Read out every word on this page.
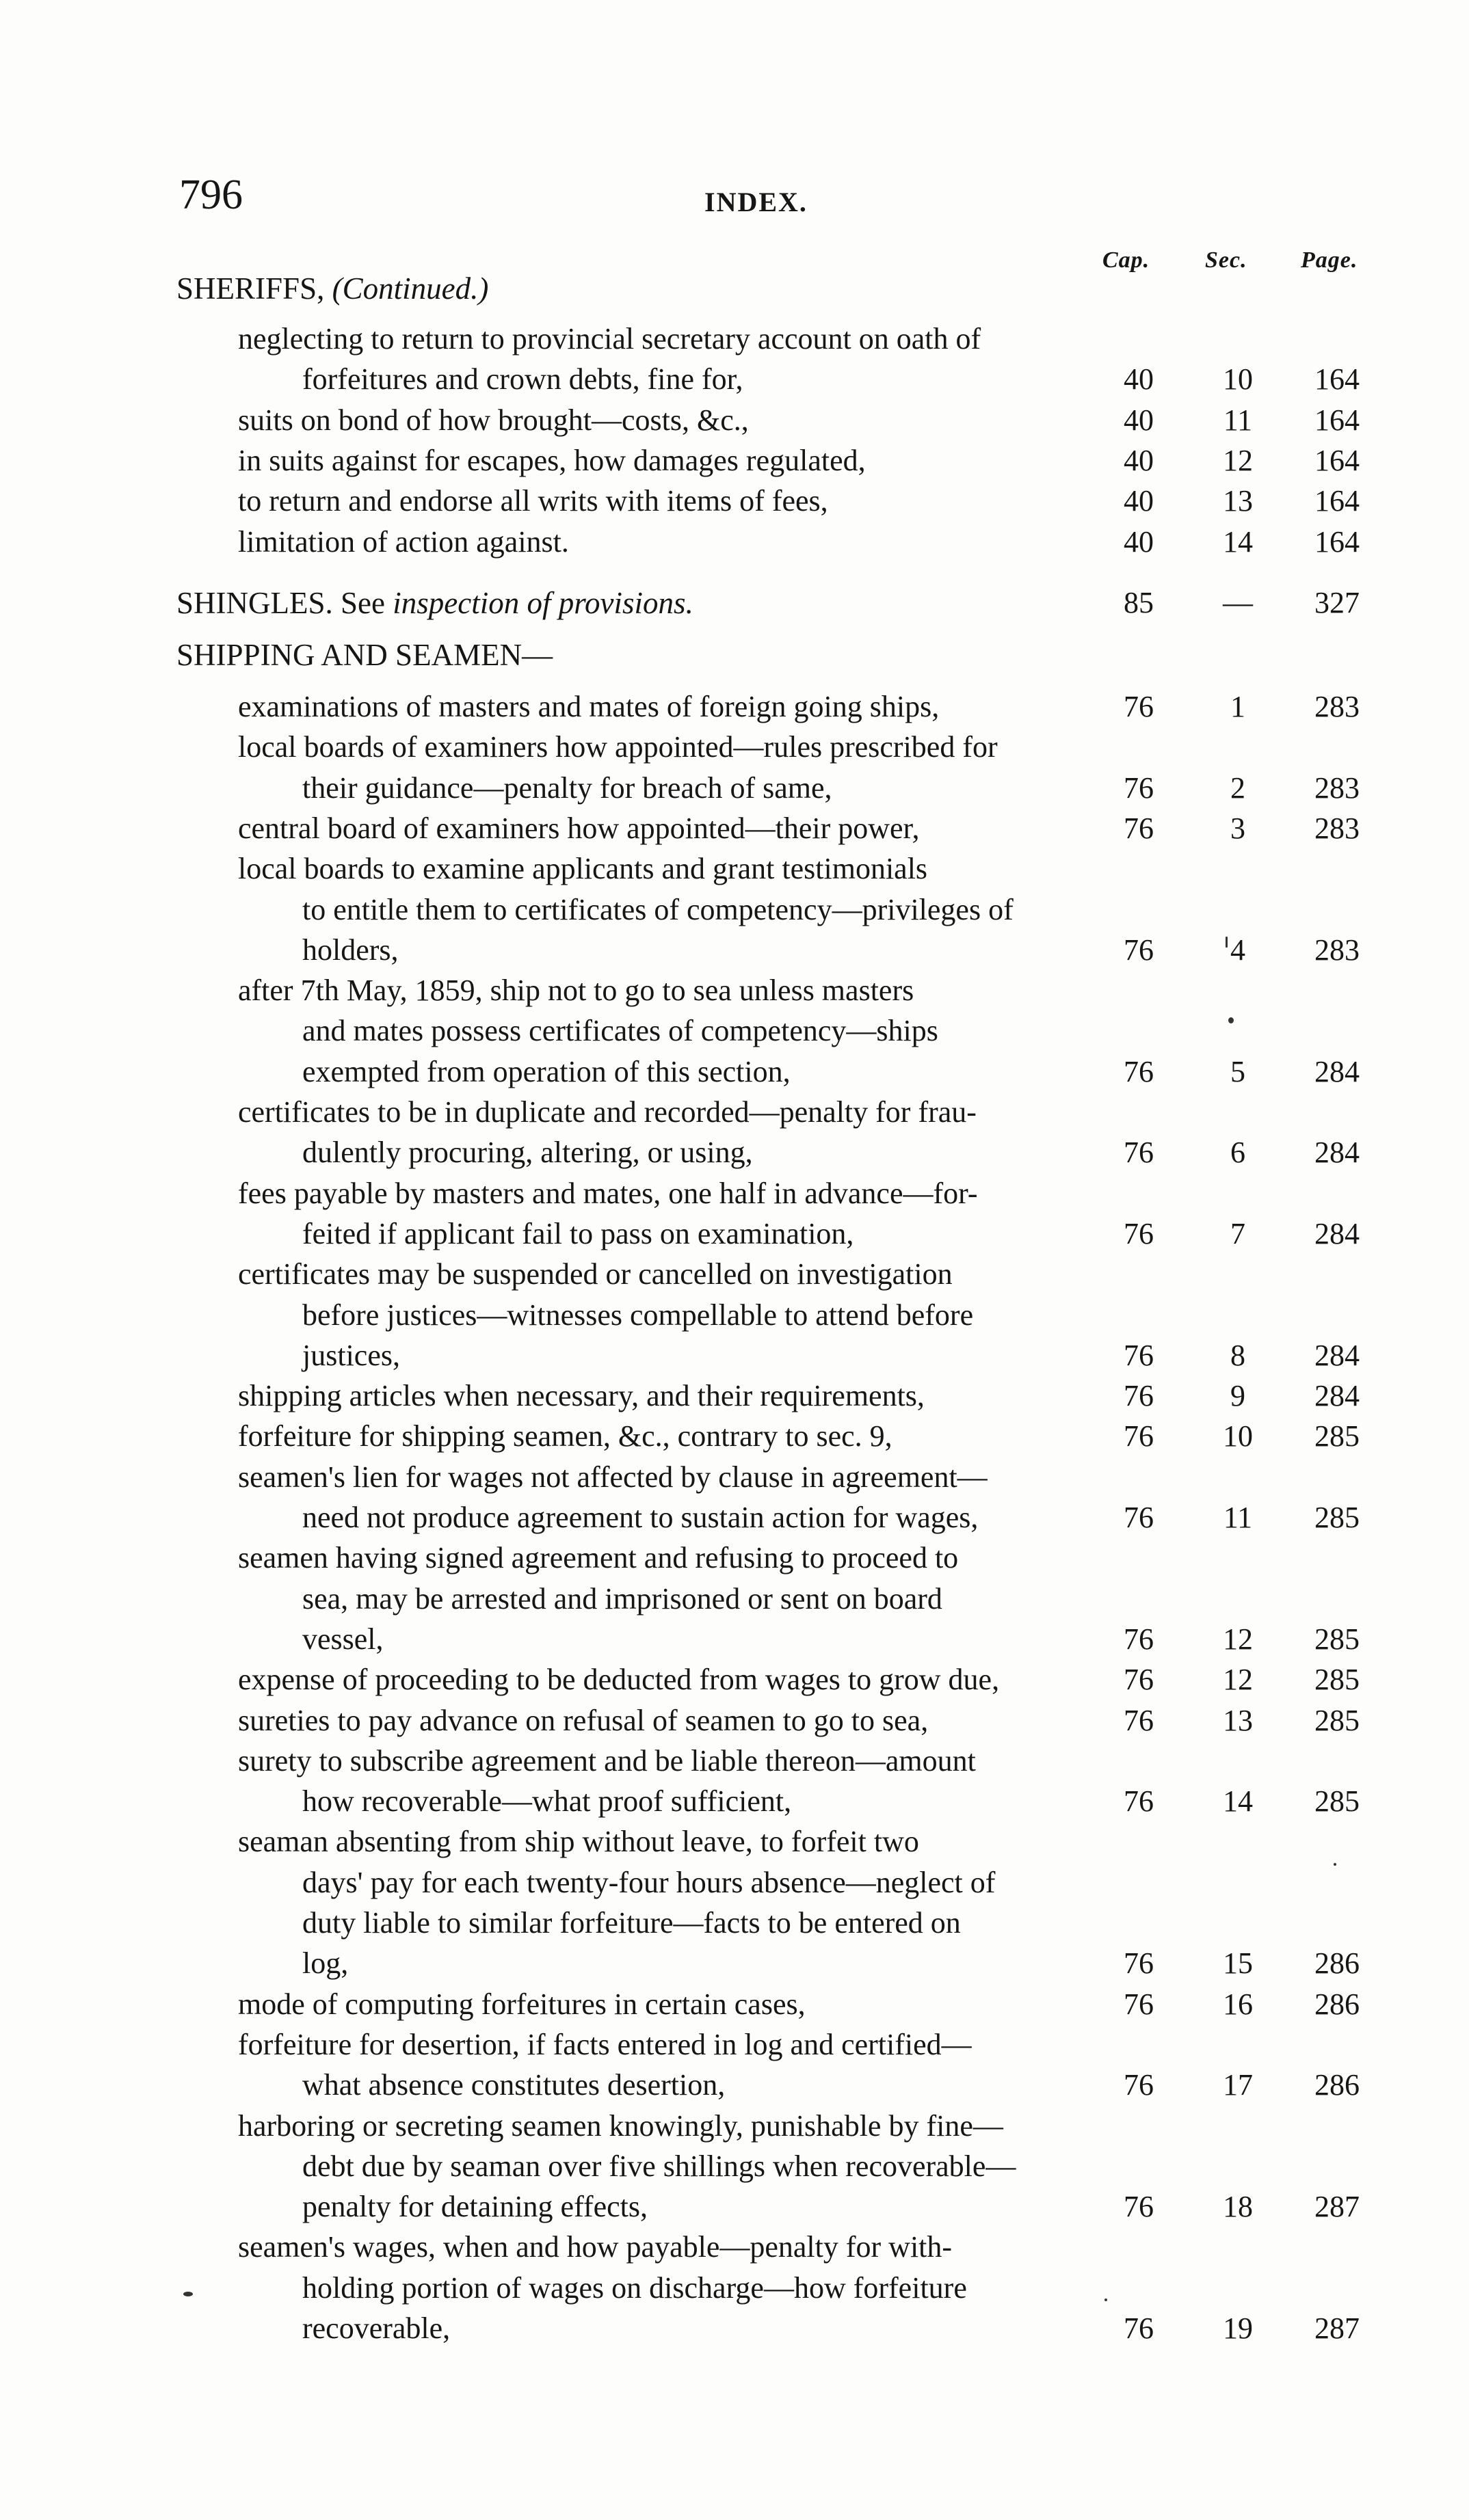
796	INDEX.
Cap. Sec. Page.
SHERIFFS, (Continued.)
neglecting to return to provincial secretary account on oath of
forfeitures and crown debts, fine for,	40	10	164
suits on bond of how brought—costs, &c.,	40	11	164
in suits against for escapes, how damages regulated,	40	12	164
to return and endorse all writs with items of fees,	40	13	164
limitation of action against.	40	14	164
SHINGLES. See inspection of provisions.	85	—	327
SHIPPING AND SEAMEN—
examinations of masters and mates of foreign going ships,	76	1	283
local boards of examiners how appointed—rules prescribed for
their guidance—penalty for breach of same,	76	2	283
central board of examiners how appointed—their power,	76	3	283
local boards to examine applicants and grant testimonials
to entitle them to certificates of competency—privileges of
holders,	76	4	283
after 7th May, 1859, ship not to go to sea unless masters
and mates possess certificates of competency—ships
exempted from operation of this section,	76	5	284
certificates to be in duplicate and recorded—penalty for frau-
dulently procuring, altering, or using,	76	6	284
fees payable by masters and mates, one half in advance—for-
feited if applicant fail to pass on examination,	76	7	284
certificates may be suspended or cancelled on investigation
before justices—witnesses compellable to attend before
justices,	76	8	284
shipping articles when necessary, and their requirements,	76	9	284
forfeiture for shipping seamen, &c., contrary to sec. 9,	76	10	285
seamen's lien for wages not affected by clause in agreement—
need not produce agreement to sustain action for wages,	76	11	285
seamen having signed agreement and refusing to proceed to
sea, may be arrested and imprisoned or sent on board
vessel,	76	12	285
expense of proceeding to be deducted from wages to grow due,	76	12	285
sureties to pay advance on refusal of seamen to go to sea,	76	13	285
surety to subscribe agreement and be liable thereon—amount
how recoverable—what proof sufficient,	76	14	285
seaman absenting from ship without leave, to forfeit two
days' pay for each twenty-four hours absence—neglect of
duty liable to similar forfeiture—facts to be entered on
log,	76	15	286
mode of computing forfeitures in certain cases,	76	16	286
forfeiture for desertion, if facts entered in log and certified—
what absence constitutes desertion,	76	17	286
harboring or secreting seamen knowingly, punishable by fine—
debt due by seaman over five shillings when recoverable—
penalty for detaining effects,	76	18	287
seamen's wages, when and how payable—penalty for with-
holding portion of wages on discharge—how forfeiture
recoverable,	76	19	287
